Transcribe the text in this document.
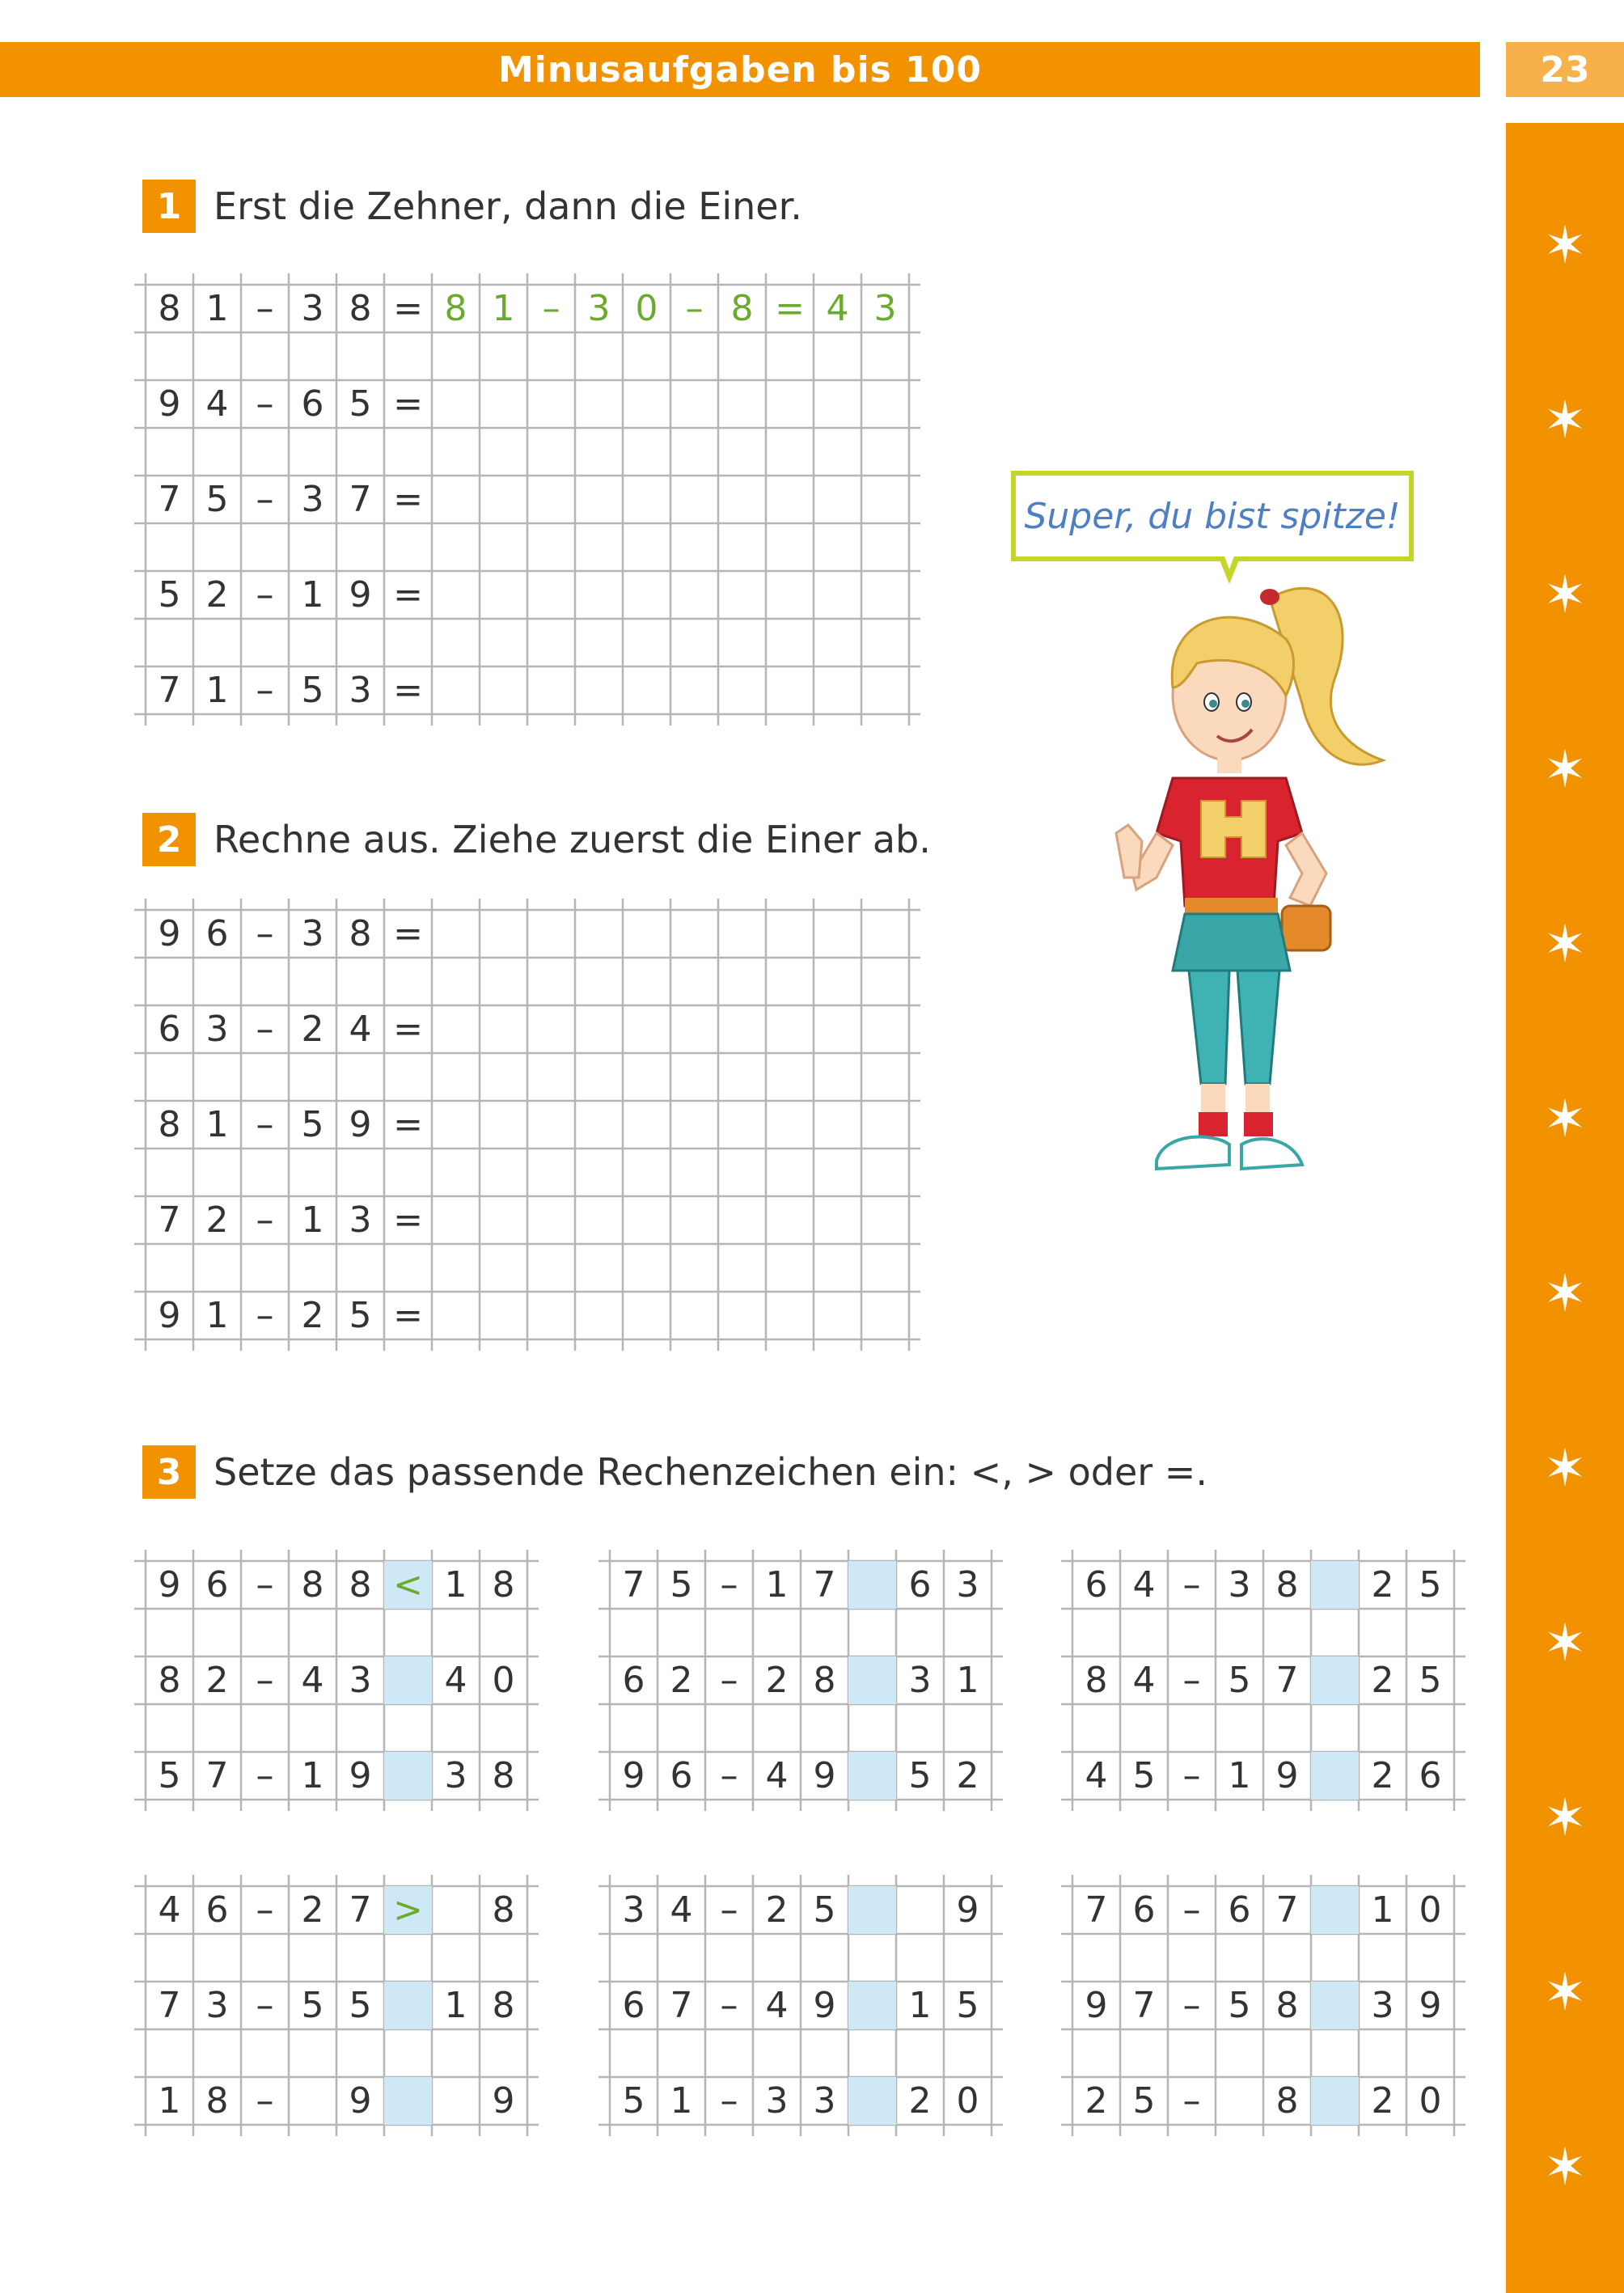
Minusaufgaben bis 100	23
✶
✶
✶
✶
✶
✶
✶
✶
✶
✶
✶
✶
1 Erst die Zehner, dann die Einer.
8 1 – 3 8 = 8 1 – 3 0 – 8 = 4 3
9 4 – 6 5 =
7 5 – 3 7 =
5 2 – 1 9 =
7 1 – 5 3 =
2 Rechne aus. Ziehe zuerst die Einer ab.
9 6 – 3 8 =
6 3 – 2 4 =
8 1 – 5 9 =
7 2 – 1 3 =
9 1 – 2 5 =
Super, du bist spitze!
3 Setze das passende Rechenzeichen ein: <, > oder =.
9 6 – 8 8 < 1 8
8 2 – 4 3	4 0
5 7 – 1 9	3 8
7 5 – 1 7	6 3
6 2 – 2 8	3 1
9 6 – 4 9	5 2
6 4 – 3 8	2 5
8 4 – 5 7	2 5
4 5 – 1 9	2 6
4 6 – 2 7 >	8
7 3 – 5 5	1 8
1 8 –	9	9
3 4 – 2 5	9
6 7 – 4 9	1 5
5 1 – 3 3	2 0
7 6 – 6 7	1 0
9 7 – 5 8	3 9
2 5 –	8	2 0
